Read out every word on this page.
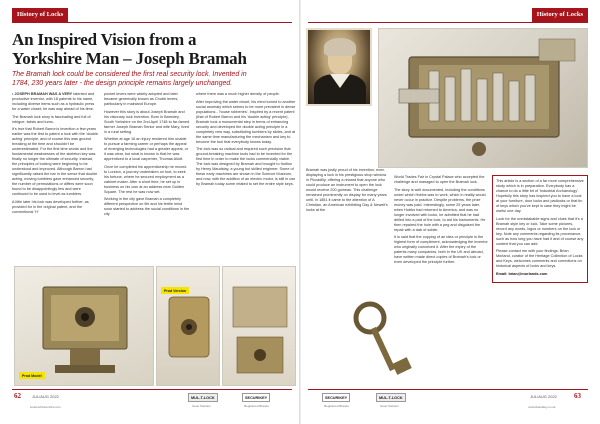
History of Locks	History of Locks
An Inspired Vision from a
Yorkshire Man – Joseph Bramah
The Bramah lock could be considered the first real security lock. Invented in
1784, 230 years later - the design principle remains largely unchanged.

• JOSEPH BRAMAH WAS A VERY talented and productive inventor, with 18 patents to his name, including diverse items such as a hydraulic press for a water closet; he was way ahead of his time.

The Bramah lock story is fascinating and full of intrigue, twists and turns.

It's true that Robert Barron's invention a few years earlier was the first to patent a lock with the 'double acting' principle, and of course this was ground breaking at the time and shouldn't be underestimated. For the first time words and the fundamental weaknesses of the skeleton key was finally no longer the ultimate of security. Instead, the principles of locking were beginning to be understood and improved. Although Barron had significantly raised the bar in the sense that double acting, moving tumblers gave enhanced security, the number of permutations or differs were soon found to be disappointingly few and were continued to be used to level as tumblers.

A little later his lock was developed further, as provided for in the original patent, and the conventional 'H'

pocket levers were widely adopted and later became generically known as Chubb levers, particularly in mainland Europe.

However this story is about Joseph Bramah and his visionary lock invention. Born in Barnsley, South Yorkshire on the 2nd April 1748 to far-famed farmer Joseph Bramah Senior and wife Mary, lived in a rural setting.

Whether at age 16 an injury rendered him unable to pursue a farming career or perhaps the appeal of emerging technologies had a greater appeal, or it was clear, but what is known is that he was apprenticed to a local carpenter, Thomas Allott.

Once he completed his apprenticeship he moved to London, a journey undertaken on foot, to seek his fortune, where he secured employment as a cabinet maker. After a short time, he set up in business on his own at an address near Golden Square. The rest he was now set.

Working in the city gave Bramah a completely different perspective on life and his fertile mind soon started to address the social conditions in the city

where there was a much higher density of people.

After improving the water closet, his mind turned to another social anomaly which seems to be more prevalent in dense populations - 'house robberies'. Inspired by a recent patent (that of Robert Barron and his 'double acting' principle), Bramah took a monumental step in terms of enhancing security and developed the double acting principle in a completely new way, substituting tumblers by slides, and at the same time manufacturing the mechanism and key to become the tool that everybody knows today.

The lock was so radical and required such precision that ground-breaking machine tools had to be invented for the first time in order to make the locks commercially viable. The lock was designed by Bramah and brought to fruition by Henry Maudslay, a young but skilled engineer. Some of these early machines are shown in the Science Museum, and now, with the addition of an electric motor, is still in use by Bramah today some related to set the entire style keys.

Prod Model
Prod Version

Bramah was justly proud of his invention, even displaying a lock in his prestigious shop window in Piccadilly, offering a reward that anyone who could produce an instrument to open the lock would receive 200 guineas. This challenge remained prominently on display for many years until, in 1851 it came to the attention of A Christian, an American exhibiting Day & Newell's locks at the

World Trades Fair in Crystal Palace who accepted the challenge and managed to open the Bramah lock.

The story is well documented, including the conditions under which Hobbs was to work, which in reality would never occur in practice. Despite problems, the prize money was paid. Interestingly, some 25 years later, when Hobbs had returned to America, and was no longer involved with locks, he admitted that he had drilled into a part of the lock, to aid his instruments. He then repaired the hole with a peg and disguised the repair with a dab of solder.

It is said that the copying of an idea or principle is the highest form of compliment, acknowledging the inventor who originally conceived it. After the expiry of the patents many companies, both in the UK and abroad, have written made direct copies of Bramah's lock or even developed the principle further.

This article is a section of a far more comprehensive study which is in preparation. Everybody has a chance to do a little bit of 'Industrial Archaeology'. Hopefully this story has inspired you to have a look at your furniture, door locks and padlocks or that tin of keys which you've kept in case they might be useful one day.

Look for the unmistakable signs and clues that it's a Bramah style key or lock. Take some pictures, record any words, logos or numbers on the lock or key. Note any comments regarding its provenance, such as how long you have had it and of course any context that you can add.

Please contact me with your findings: Brian Morland, curator of the Heritage Collection of Locks and Keys, welcomes comments and corrections on historical aspects of locks and keys.

Email: brian@morlands.com

62	JUL/AUG 2022
lockers/locksmiths.com
MUL-T-LOCK
Issue Solution
SECURIKEY
Registered Brands
SECURIKEY
Registered Brands
MUL-T-LOCK
Issue Solution
JUL/AUG 2022 63
ncslockandkey.co.uk
